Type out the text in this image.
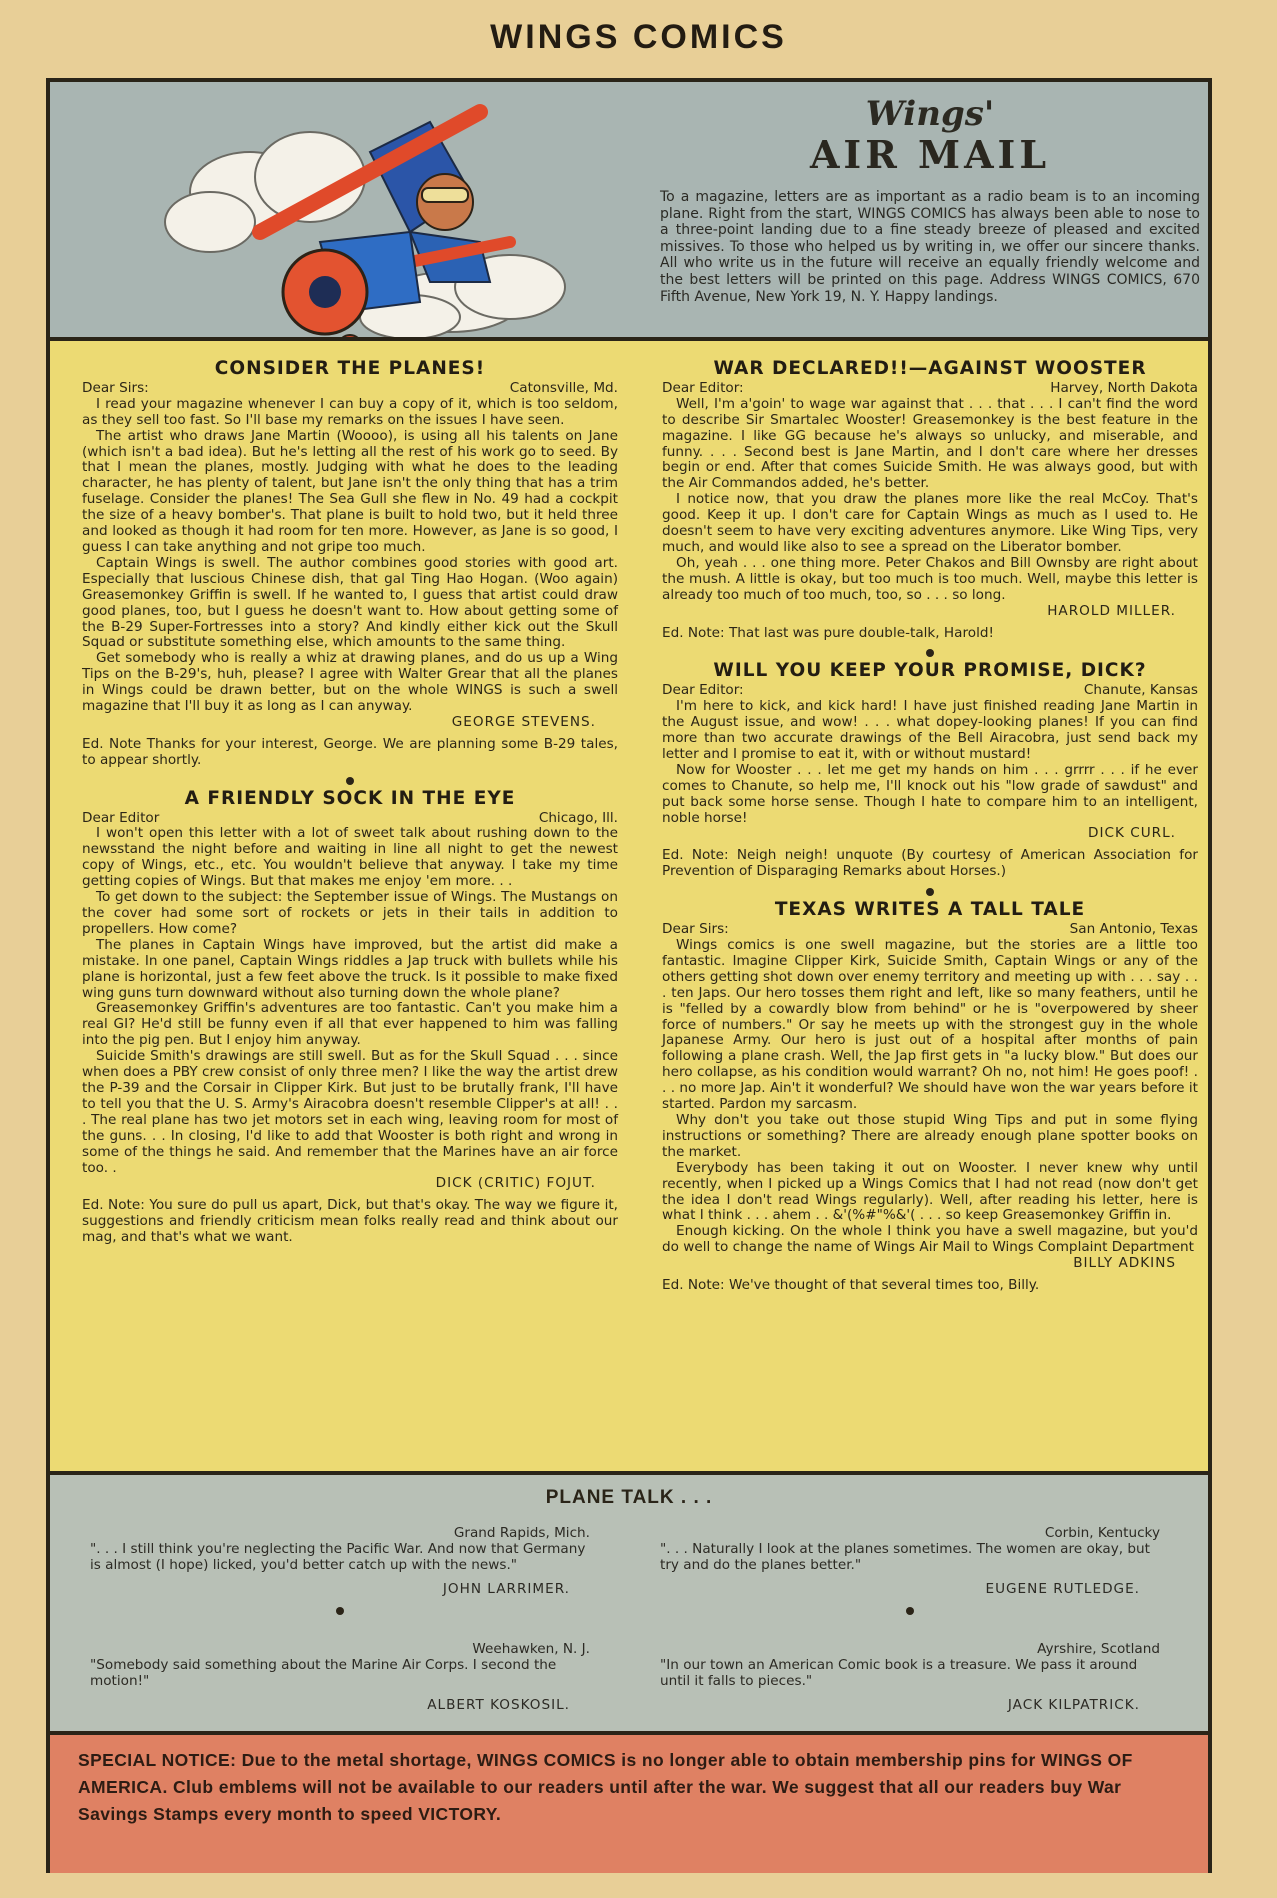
WINGS COMICS
Wings'
AIR MAIL
To a magazine, letters are as important as a radio beam is to an incoming plane. Right from the start, WINGS COMICS has always been able to nose to a three-point landing due to a fine steady breeze of pleased and excited missives. To those who helped us by writing in, we offer our sincere thanks. All who write us in the future will receive an equally friendly welcome and the best letters will be printed on this page. Address WINGS COMICS, 670 Fifth Avenue, New York 19, N. Y. Happy landings.
CONSIDER THE PLANES!
Dear Sirs:	Catonsville, Md.

I read your magazine whenever I can buy a copy of it, which is too seldom, as they sell too fast. So I'll base my remarks on the issues I have seen.

The artist who draws Jane Martin (Woooo), is using all his talents on Jane (which isn't a bad idea). But he's letting all the rest of his work go to seed. By that I mean the planes, mostly. Judging with what he does to the leading character, he has plenty of talent, but Jane isn't the only thing that has a trim fuselage. Consider the planes! The Sea Gull she flew in No. 49 had a cockpit the size of a heavy bomber's. That plane is built to hold two, but it held three and looked as though it had room for ten more. However, as Jane is so good, I guess I can take anything and not gripe too much.

Captain Wings is swell. The author combines good stories with good art. Especially that luscious Chinese dish, that gal Ting Hao Hogan. (Woo again) Greasemonkey Griffin is swell. If he wanted to, I guess that artist could draw good planes, too, but I guess he doesn't want to. How about getting some of the B-29 Super-Fortresses into a story? And kindly either kick out the Skull Squad or substitute something else, which amounts to the same thing.

Get somebody who is really a whiz at drawing planes, and do us up a Wing Tips on the B-29's, huh, please? I agree with Walter Grear that all the planes in Wings could be drawn better, but on the whole WINGS is such a swell magazine that I'll buy it as long as I can anyway.

GEORGE STEVENS.
Ed. Note Thanks for your interest, George. We are planning some B-29 tales, to appear shortly.
A FRIENDLY SOCK IN THE EYE
Dear Editor	Chicago, Ill.

I won't open this letter with a lot of sweet talk about rushing down to the newsstand the night before and waiting in line all night to get the newest copy of Wings, etc., etc. You wouldn't believe that anyway. I take my time getting copies of Wings. But that makes me enjoy 'em more. . .

To get down to the subject: the September issue of Wings. The Mustangs on the cover had some sort of rockets or jets in their tails in addition to propellers. How come?

The planes in Captain Wings have improved, but the artist did make a mistake. In one panel, Captain Wings riddles a Jap truck with bullets while his plane is horizontal, just a few feet above the truck. Is it possible to make fixed wing guns turn downward without also turning down the whole plane?

Greasemonkey Griffin's adventures are too fantastic. Can't you make him a real GI? He'd still be funny even if all that ever happened to him was falling into the pig pen. But I enjoy him anyway.

Suicide Smith's drawings are still swell. But as for the Skull Squad . . . since when does a PBY crew consist of only three men? I like the way the artist drew the P-39 and the Corsair in Clipper Kirk. But just to be brutally frank, I'll have to tell you that the U. S. Army's Airacobra doesn't resemble Clipper's at all! . . . The real plane has two jet motors set in each wing, leaving room for most of the guns. . . In closing, I'd like to add that Wooster is both right and wrong in some of the things he said. And remember that the Marines have an air force too. .

DICK (CRITIC) FOJUT.
Ed. Note: You sure do pull us apart, Dick, but that's okay. The way we figure it, suggestions and friendly criticism mean folks really read and think about our mag, and that's what we want.
WAR DECLARED!!—AGAINST WOOSTER
Dear Editor:	Harvey, North Dakota

Well, I'm a'goin' to wage war against that . . . that . . . I can't find the word to describe Sir Smartalec Wooster! Greasemonkey is the best feature in the magazine. I like GG because he's always so unlucky, and miserable, and funny. . . . Second best is Jane Martin, and I don't care where her dresses begin or end. After that comes Suicide Smith. He was always good, but with the Air Commandos added, he's better.

I notice now, that you draw the planes more like the real McCoy. That's good. Keep it up. I don't care for Captain Wings as much as I used to. He doesn't seem to have very exciting adventures anymore. Like Wing Tips, very much, and would like also to see a spread on the Liberator bomber.

Oh, yeah . . . one thing more. Peter Chakos and Bill Ownsby are right about the mush. A little is okay, but too much is too much. Well, maybe this letter is already too much of too much, too, so . . . so long.

HAROLD MILLER.
Ed. Note: That last was pure double-talk, Harold!
WILL YOU KEEP YOUR PROMISE, DICK?
Dear Editor:	Chanute, Kansas

I'm here to kick, and kick hard! I have just finished reading Jane Martin in the August issue, and wow! . . . what dopey-looking planes! If you can find more than two accurate drawings of the Bell Airacobra, just send back my letter and I promise to eat it, with or without mustard!

Now for Wooster . . . let me get my hands on him . . . grrrr . . . if he ever comes to Chanute, so help me, I'll knock out his "low grade of sawdust" and put back some horse sense. Though I hate to compare him to an intelligent, noble horse!

DICK CURL.
Ed. Note: Neigh neigh! unquote (By courtesy of American Association for Prevention of Disparaging Remarks about Horses.)
TEXAS WRITES A TALL TALE
Dear Sirs:	San Antonio, Texas

Wings comics is one swell magazine, but the stories are a little too fantastic. Imagine Clipper Kirk, Suicide Smith, Captain Wings or any of the others getting shot down over enemy territory and meeting up with . . . say . . . ten Japs. Our hero tosses them right and left, like so many feathers, until he is "felled by a cowardly blow from behind" or he is "overpowered by sheer force of numbers." Or say he meets up with the strongest guy in the whole Japanese Army. Our hero is just out of a hospital after months of pain following a plane crash. Well, the Jap first gets in "a lucky blow." But does our hero collapse, as his condition would warrant? Oh no, not him! He goes poof! . . . no more Jap. Ain't it wonderful? We should have won the war years before it started. Pardon my sarcasm.

Why don't you take out those stupid Wing Tips and put in some flying instructions or something? There are already enough plane spotter books on the market.

Everybody has been taking it out on Wooster. I never knew why until recently, when I picked up a Wings Comics that I had not read (now don't get the idea I don't read Wings regularly). Well, after reading his letter, here is what I think . . . ahem . . &'(%#"%&'( . . . so keep Greasemonkey Griffin in.

Enough kicking. On the whole I think you have a swell magazine, but you'd do well to change the name of Wings Air Mail to Wings Complaint Department

BILLY ADKINS
Ed. Note: We've thought of that several times too, Billy.
PLANE TALK . . .
Grand Rapids, Mich.
". . . I still think you're neglecting the Pacific War. And now that Germany is almost (I hope) licked, you'd better catch up with the news."
JOHN LARRIMER.
Corbin, Kentucky
". . . Naturally I look at the planes sometimes. The women are okay, but try and do the planes better."
EUGENE RUTLEDGE.
Weehawken, N. J.
"Somebody said something about the Marine Air Corps. I second the motion!"
ALBERT KOSKOSIL.
Ayrshire, Scotland
"In our town an American Comic book is a treasure. We pass it around until it falls to pieces."
JACK KILPATRICK.
SPECIAL NOTICE: Due to the metal shortage, WINGS COMICS is no longer able to obtain membership pins for WINGS OF AMERICA. Club emblems will not be available to our readers until after the war. We suggest that all our readers buy War Savings Stamps every month to speed VICTORY.
